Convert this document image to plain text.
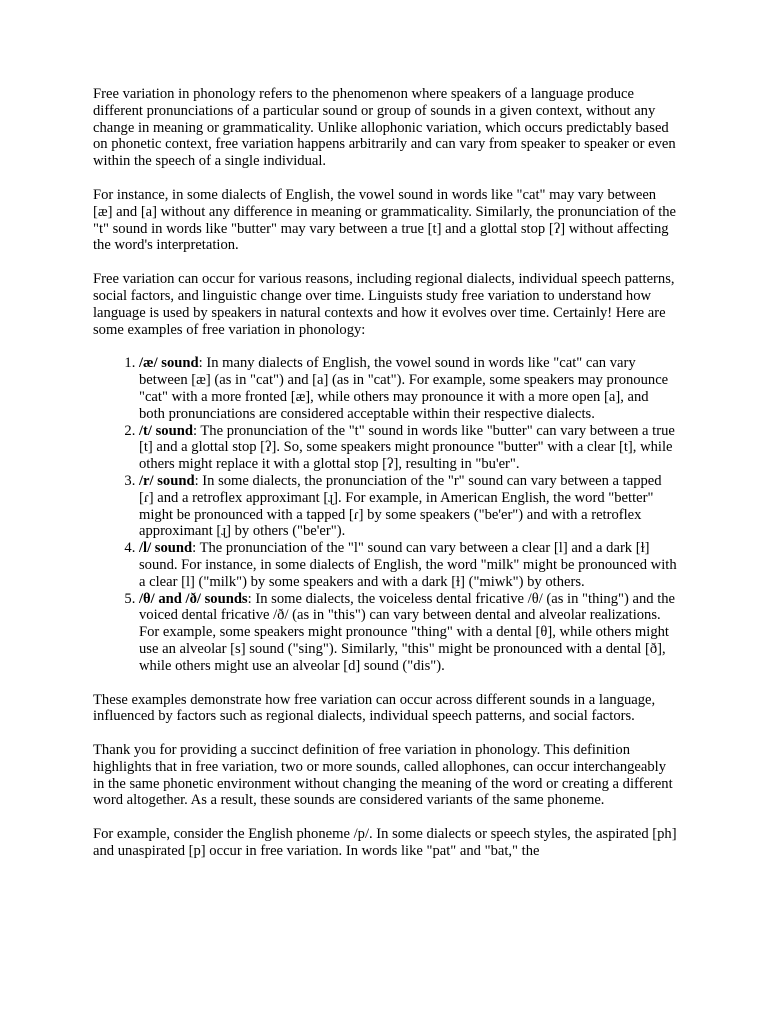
Free variation in phonology refers to the phenomenon where speakers of a language produce different pronunciations of a particular sound or group of sounds in a given context, without any change in meaning or grammaticality. Unlike allophonic variation, which occurs predictably based on phonetic context, free variation happens arbitrarily and can vary from speaker to speaker or even within the speech of a single individual.

For instance, in some dialects of English, the vowel sound in words like "cat" may vary between [æ] and [a] without any difference in meaning or grammaticality. Similarly, the pronunciation of the "t" sound in words like "butter" may vary between a true [t] and a glottal stop [ʔ] without affecting the word's interpretation.

Free variation can occur for various reasons, including regional dialects, individual speech patterns, social factors, and linguistic change over time. Linguists study free variation to understand how language is used by speakers in natural contexts and how it evolves over time. Certainly! Here are some examples of free variation in phonology:

1. /æ/ sound: In many dialects of English, the vowel sound in words like "cat" can vary between [æ] (as in "cat") and [a] (as in "cat"). For example, some speakers may pronounce "cat" with a more fronted [æ], while others may pronounce it with a more open [a], and both pronunciations are considered acceptable within their respective dialects.
2. /t/ sound: The pronunciation of the "t" sound in words like "butter" can vary between a true [t] and a glottal stop [ʔ]. So, some speakers might pronounce "butter" with a clear [t], while others might replace it with a glottal stop [ʔ], resulting in "bu'er".
3. /r/ sound: In some dialects, the pronunciation of the "r" sound can vary between a tapped [ɾ] and a retroflex approximant [ɻ]. For example, in American English, the word "better" might be pronounced with a tapped [ɾ] by some speakers ("be'er") and with a retroflex approximant [ɻ] by others ("be'er").
4. /l/ sound: The pronunciation of the "l" sound can vary between a clear [l] and a dark [ɫ] sound. For instance, in some dialects of English, the word "milk" might be pronounced with a clear [l] ("milk") by some speakers and with a dark [ɫ] ("miwk") by others.
5. /θ/ and /ð/ sounds: In some dialects, the voiceless dental fricative /θ/ (as in "thing") and the voiced dental fricative /ð/ (as in "this") can vary between dental and alveolar realizations. For example, some speakers might pronounce "thing" with a dental [θ], while others might use an alveolar [s] sound ("sing"). Similarly, "this" might be pronounced with a dental [ð], while others might use an alveolar [d] sound ("dis").

These examples demonstrate how free variation can occur across different sounds in a language, influenced by factors such as regional dialects, individual speech patterns, and social factors.

Thank you for providing a succinct definition of free variation in phonology. This definition highlights that in free variation, two or more sounds, called allophones, can occur interchangeably in the same phonetic environment without changing the meaning of the word or creating a different word altogether. As a result, these sounds are considered variants of the same phoneme.

For example, consider the English phoneme /p/. In some dialects or speech styles, the aspirated [ph] and unaspirated [p] occur in free variation. In words like "pat" and "bat," the
